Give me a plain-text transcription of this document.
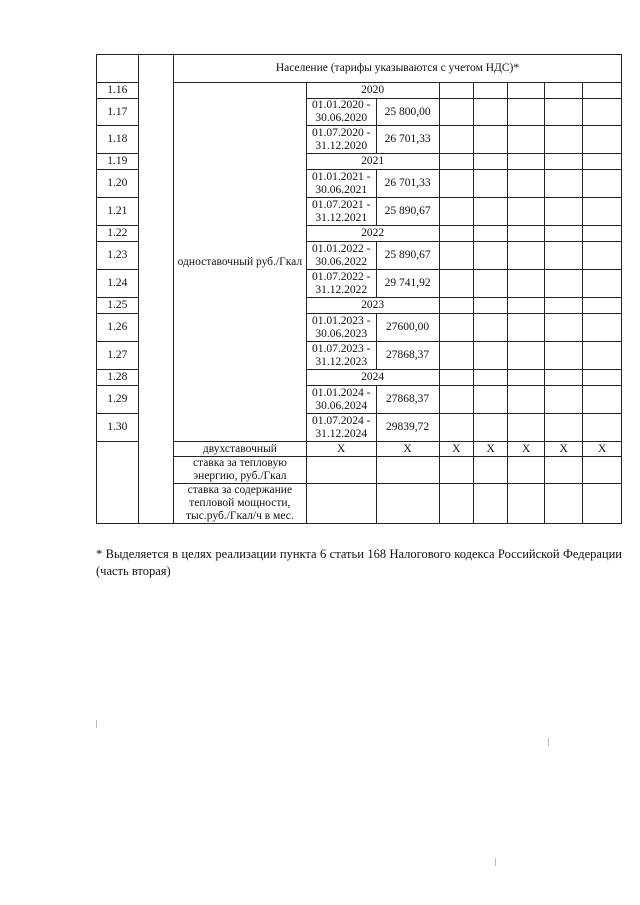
		Население (тарифы указываются с учетом НДС)*							
1.16		одноставочный руб./Гкал	2020						
1.17			01.01.2020 - 30.06.2020	25 800,00					
1.18			01.07.2020 - 31.12.2020	26 701,33					
1.19			2021						
1.20			01.01.2021 - 30.06.2021	26 701,33					
1.21			01.07.2021 - 31.12.2021	25 890,67					
1.22			2022						
1.23			01.01.2022 - 30.06.2022	25 890,67					
1.24			01.07.2022 - 31.12.2022	29 741,92					
1.25			2023						
1.26			01.01.2023 - 30.06.2023	27600,00					
1.27			01.07.2023 - 31.12.2023	27868,37					
1.28			2024						
1.29			01.01.2024 - 30.06.2024	27868,37					
1.30			01.07.2024 - 31.12.2024	29839,72					
		двухставочный	X	X	X	X	X	X	X
		ставка за тепловую энергию, руб./Гкал							
		ставка за содержание тепловой мощности, тыс.руб./Гкал/ч в мес.							
* Выделяется в целях реализации пункта 6 статьи 168 Налогового кодекса Российской Федерации (часть вторая)
